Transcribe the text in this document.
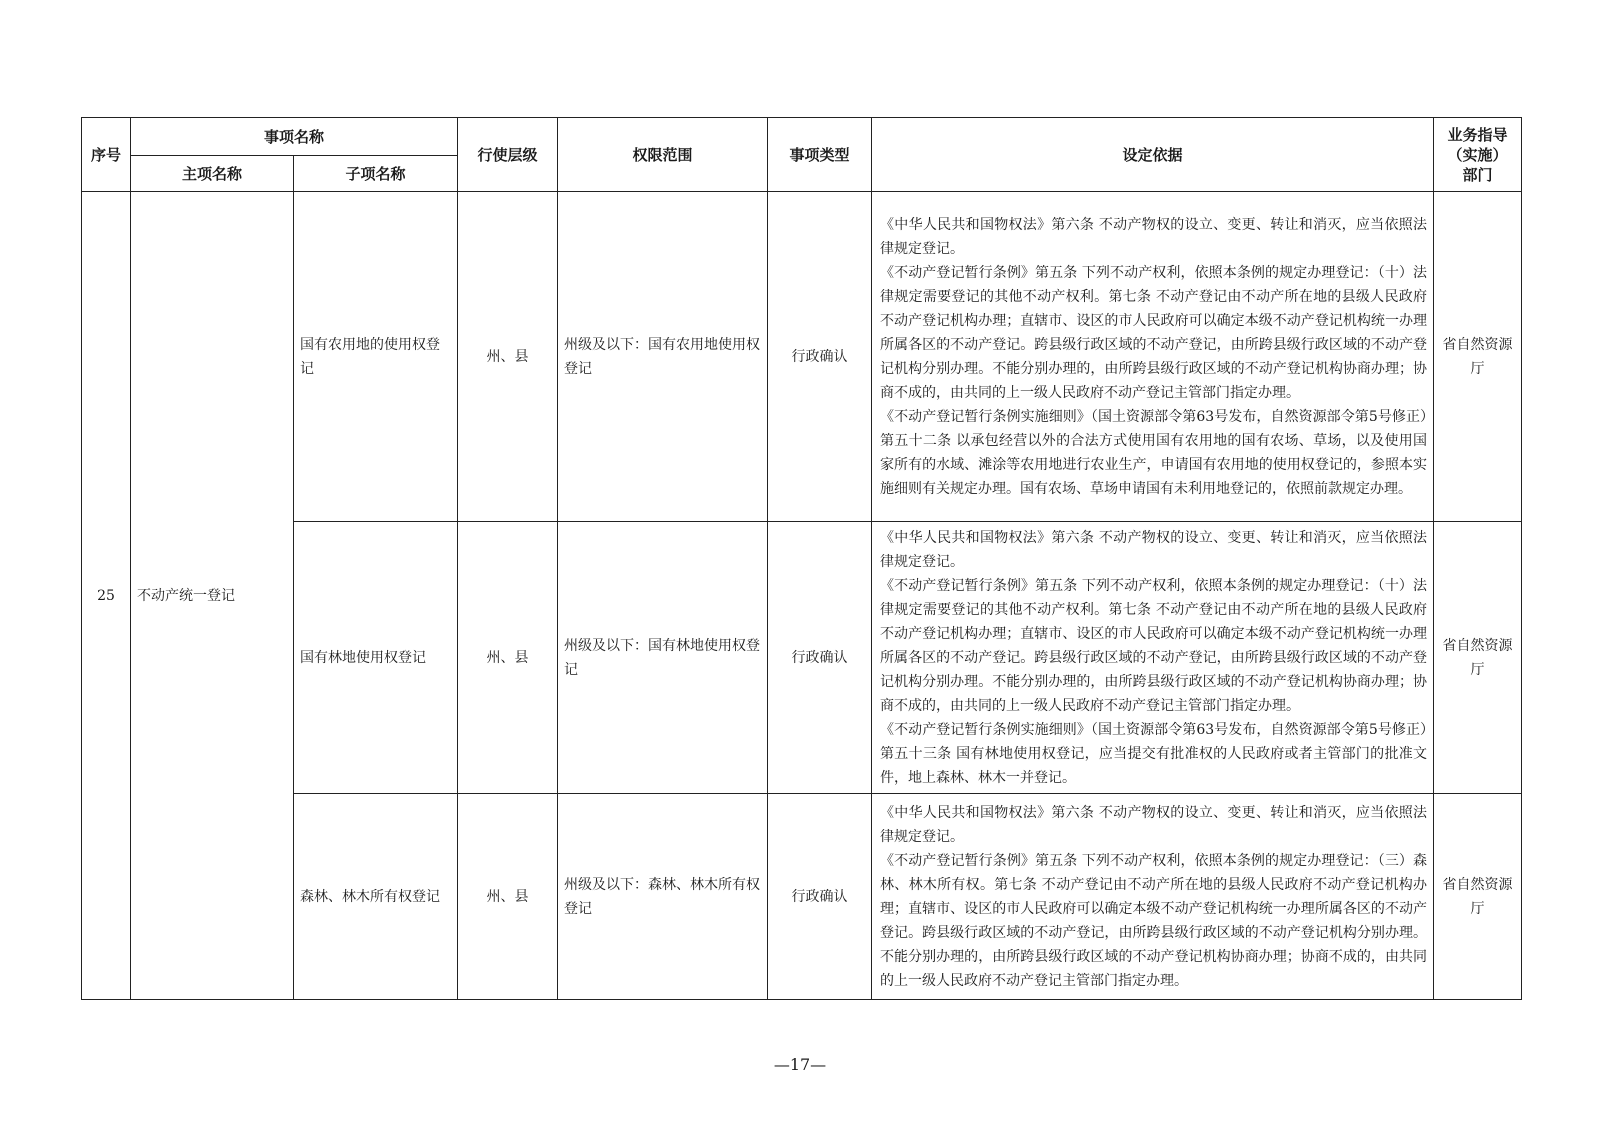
序号	事项名称		行使层级	权限范围	事项类型	设定依据	业务指导（实施）部门
	主项名称	子项名称					
25	不动产统一登记	国有农用地的使用权登记	州、县	州级及以下：国有农用地使用权登记	行政确认	《中华人民共和国物权法》第六条 不动产物权的设立、变更、转让和消灭，应当依照法律规定登记。

《不动产登记暂行条例》第五条 下列不动产权利，依照本条例的规定办理登记：（十）法律规定需要登记的其他不动产权利。第七条 不动产登记由不动产所在地的县级人民政府不动产登记机构办理；直辖市、设区的市人民政府可以确定本级不动产登记机构统一办理所属各区的不动产登记。跨县级行政区域的不动产登记，由所跨县级行政区域的不动产登记机构分别办理。不能分别办理的，由所跨县级行政区域的不动产登记机构协商办理；协商不成的，由共同的上一级人民政府不动产登记主管部门指定办理。

《不动产登记暂行条例实施细则》（国土资源部令第63号发布，自然资源部令第5号修正）第五十二条 以承包经营以外的合法方式使用国有农用地的国有农场、草场，以及使用国家所有的水域、滩涂等农用地进行农业生产，申请国有农用地的使用权登记的，参照本实施细则有关规定办理。国有农场、草场申请国有未利用地登记的，依照前款规定办理。	省自然资源厅
		国有林地使用权登记	州、县	州级及以下：国有林地使用权登记	行政确认	《中华人民共和国物权法》第六条 不动产物权的设立、变更、转让和消灭，应当依照法律规定登记。

《不动产登记暂行条例》第五条 下列不动产权利，依照本条例的规定办理登记：（十）法律规定需要登记的其他不动产权利。第七条 不动产登记由不动产所在地的县级人民政府不动产登记机构办理；直辖市、设区的市人民政府可以确定本级不动产登记机构统一办理所属各区的不动产登记。跨县级行政区域的不动产登记，由所跨县级行政区域的不动产登记机构分别办理。不能分别办理的，由所跨县级行政区域的不动产登记机构协商办理；协商不成的，由共同的上一级人民政府不动产登记主管部门指定办理。

《不动产登记暂行条例实施细则》（国土资源部令第63号发布，自然资源部令第5号修正）第五十三条 国有林地使用权登记，应当提交有批准权的人民政府或者主管部门的批准文件，地上森林、林木一并登记。	省自然资源厅
		森林、林木所有权登记	州、县	州级及以下：森林、林木所有权登记	行政确认	《中华人民共和国物权法》第六条 不动产物权的设立、变更、转让和消灭，应当依照法律规定登记。

《不动产登记暂行条例》第五条 下列不动产权利，依照本条例的规定办理登记：（三）森林、林木所有权。第七条 不动产登记由不动产所在地的县级人民政府不动产登记机构办理；直辖市、设区的市人民政府可以确定本级不动产登记机构统一办理所属各区的不动产登记。跨县级行政区域的不动产登记，由所跨县级行政区域的不动产登记机构分别办理。不能分别办理的，由所跨县级行政区域的不动产登记机构协商办理；协商不成的，由共同的上一级人民政府不动产登记主管部门指定办理。	省自然资源厅
—17—
